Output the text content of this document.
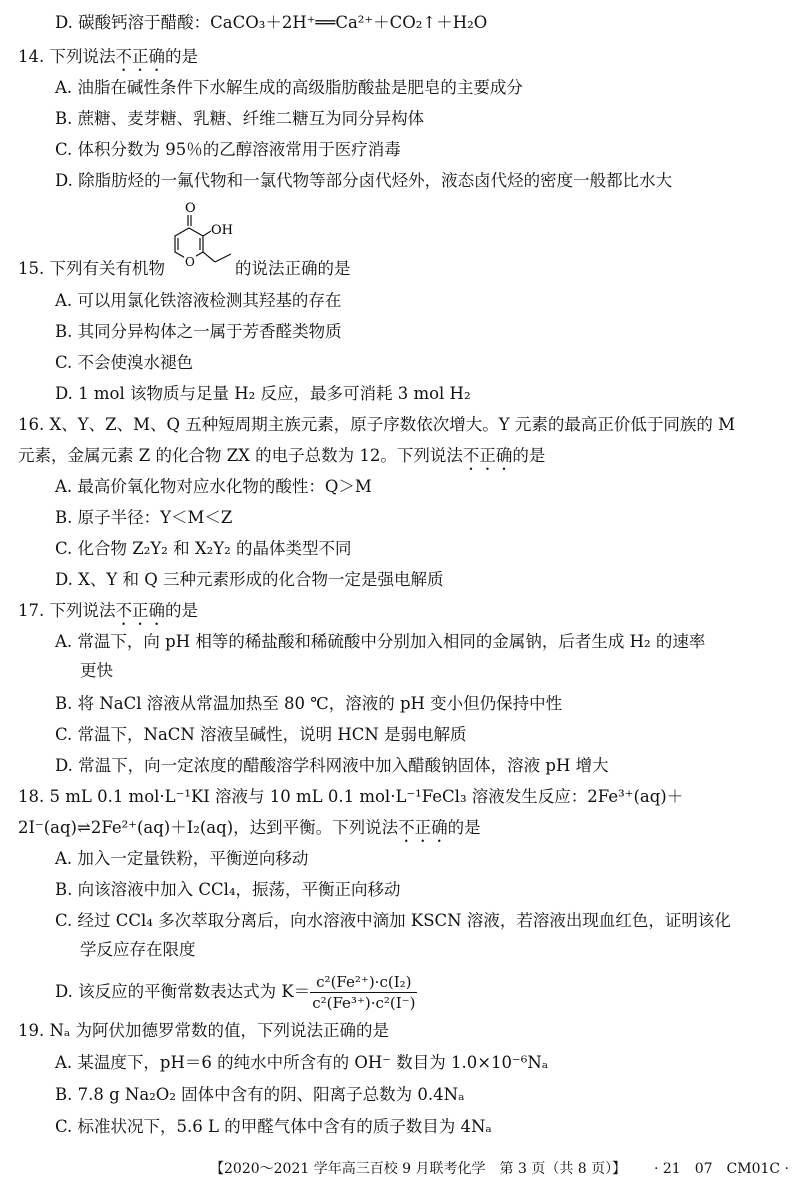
D. 碳酸钙溶于醋酸：CaCO₃＋2H⁺══Ca²⁺＋CO₂↑＋H₂O
14. 下列说法不正确的是
A. 油脂在碱性条件下水解生成的高级脂肪酸盐是肥皂的主要成分
B. 蔗糖、麦芽糖、乳糖、纤维二糖互为同分异构体
C. 体积分数为 95％的乙醇溶液常用于医疗消毒
D. 除脂肪烃的一氟代物和一氯代物等部分卤代烃外，液态卤代烃的密度一般都比水大
O
OH
O
15. 下列有关有机物	的说法正确的是
A. 可以用氯化铁溶液检测其羟基的存在
B. 其同分异构体之一属于芳香醛类物质
C. 不会使溴水褪色
D. 1 mol 该物质与足量 H₂ 反应，最多可消耗 3 mol H₂
16. X、Y、Z、M、Q 五种短周期主族元素，原子序数依次增大。Y 元素的最高正价低于同族的 M
元素，金属元素 Z 的化合物 ZX 的电子总数为 12。下列说法不正确的是
A. 最高价氧化物对应水化物的酸性：Q＞M
B. 原子半径：Y＜M＜Z
C. 化合物 Z₂Y₂ 和 X₂Y₂ 的晶体类型不同
D. X、Y 和 Q 三种元素形成的化合物一定是强电解质
17. 下列说法不正确的是
A. 常温下，向 pH 相等的稀盐酸和稀硫酸中分别加入相同的金属钠，后者生成 H₂ 的速率
更快
B. 将 NaCl 溶液从常温加热至 80 ℃，溶液的 pH 变小但仍保持中性
C. 常温下，NaCN 溶液呈碱性，说明 HCN 是弱电解质
D. 常温下，向一定浓度的醋酸溶学科网液中加入醋酸钠固体，溶液 pH 增大
18. 5 mL 0.1 mol·L⁻¹KI 溶液与 10 mL 0.1 mol·L⁻¹FeCl₃ 溶液发生反应：2Fe³⁺(aq)＋
2I⁻(aq)⇌2Fe²⁺(aq)＋I₂(aq)，达到平衡。下列说法不正确的是
A. 加入一定量铁粉，平衡逆向移动
B. 向该溶液中加入 CCl₄，振荡，平衡正向移动
C. 经过 CCl₄ 多次萃取分离后，向水溶液中滴加 KSCN 溶液，若溶液出现血红色，证明该化
学反应存在限度
D. 该反应的平衡常数表达式为 $K= \frac{\text{c²(Fe²⁺)·c(I₂)}}{\text{c²(Fe³⁺)·c²(I⁻)}}$
19. Nₐ 为阿伏加德罗常数的值，下列说法正确的是
A. 某温度下，pH＝6 的纯水中所含有的 OH⁻ 数目为 1.0×10⁻⁶Nₐ
B. 7.8 g Na₂O₂ 固体中含有的阴、阳离子总数为 0.4Nₐ
C. 标准状况下，5.6 L 的甲醛气体中含有的质子数目为 4Nₐ
【2020～2021 学年高三百校 9 月联考化学　第 3 页（共 8 页）】 · 21　07　CM01C ·
